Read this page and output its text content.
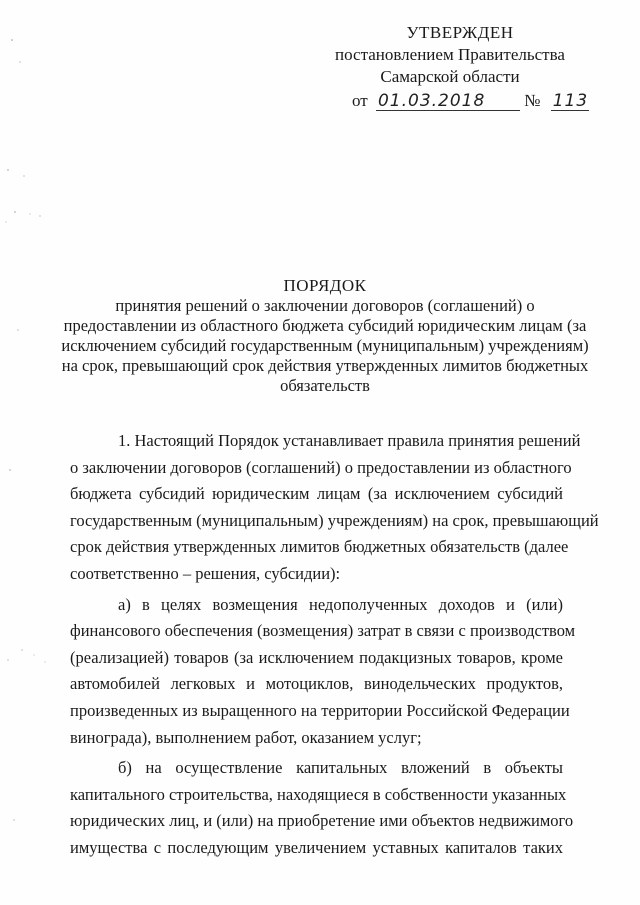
УТВЕРЖДЕН
постановлением Правительства
Самарской области
от 01.03.2018 № 113
ПОРЯДОК
принятия решений о заключении договоров (соглашений) о
предоставлении из областного бюджета субсидий юридическим лицам (за
исключением субсидий государственным (муниципальным) учреждениям)
на срок, превышающий срок действия утвержденных лимитов бюджетных
обязательств
1. Настоящий Порядок устанавливает правила принятия решений
о заключении договоров (соглашений) о предоставлении из областного
бюджета субсидий юридическим лицам (за исключением субсидий
государственным (муниципальным) учреждениям) на срок, превышающий
срок действия утвержденных лимитов бюджетных обязательств (далее
соответственно – решения, субсидии):
а) в целях возмещения недополученных доходов и (или)
финансового обеспечения (возмещения) затрат в связи с производством
(реализацией) товаров (за исключением подакцизных товаров, кроме
автомобилей легковых и мотоциклов, винодельческих продуктов,
произведенных из выращенного на территории Российской Федерации
винограда), выполнением работ, оказанием услуг;
б) на осуществление капитальных вложений в объекты
капитального строительства, находящиеся в собственности указанных
юридических лиц, и (или) на приобретение ими объектов недвижимого
имущества с последующим увеличением уставных капиталов таких
